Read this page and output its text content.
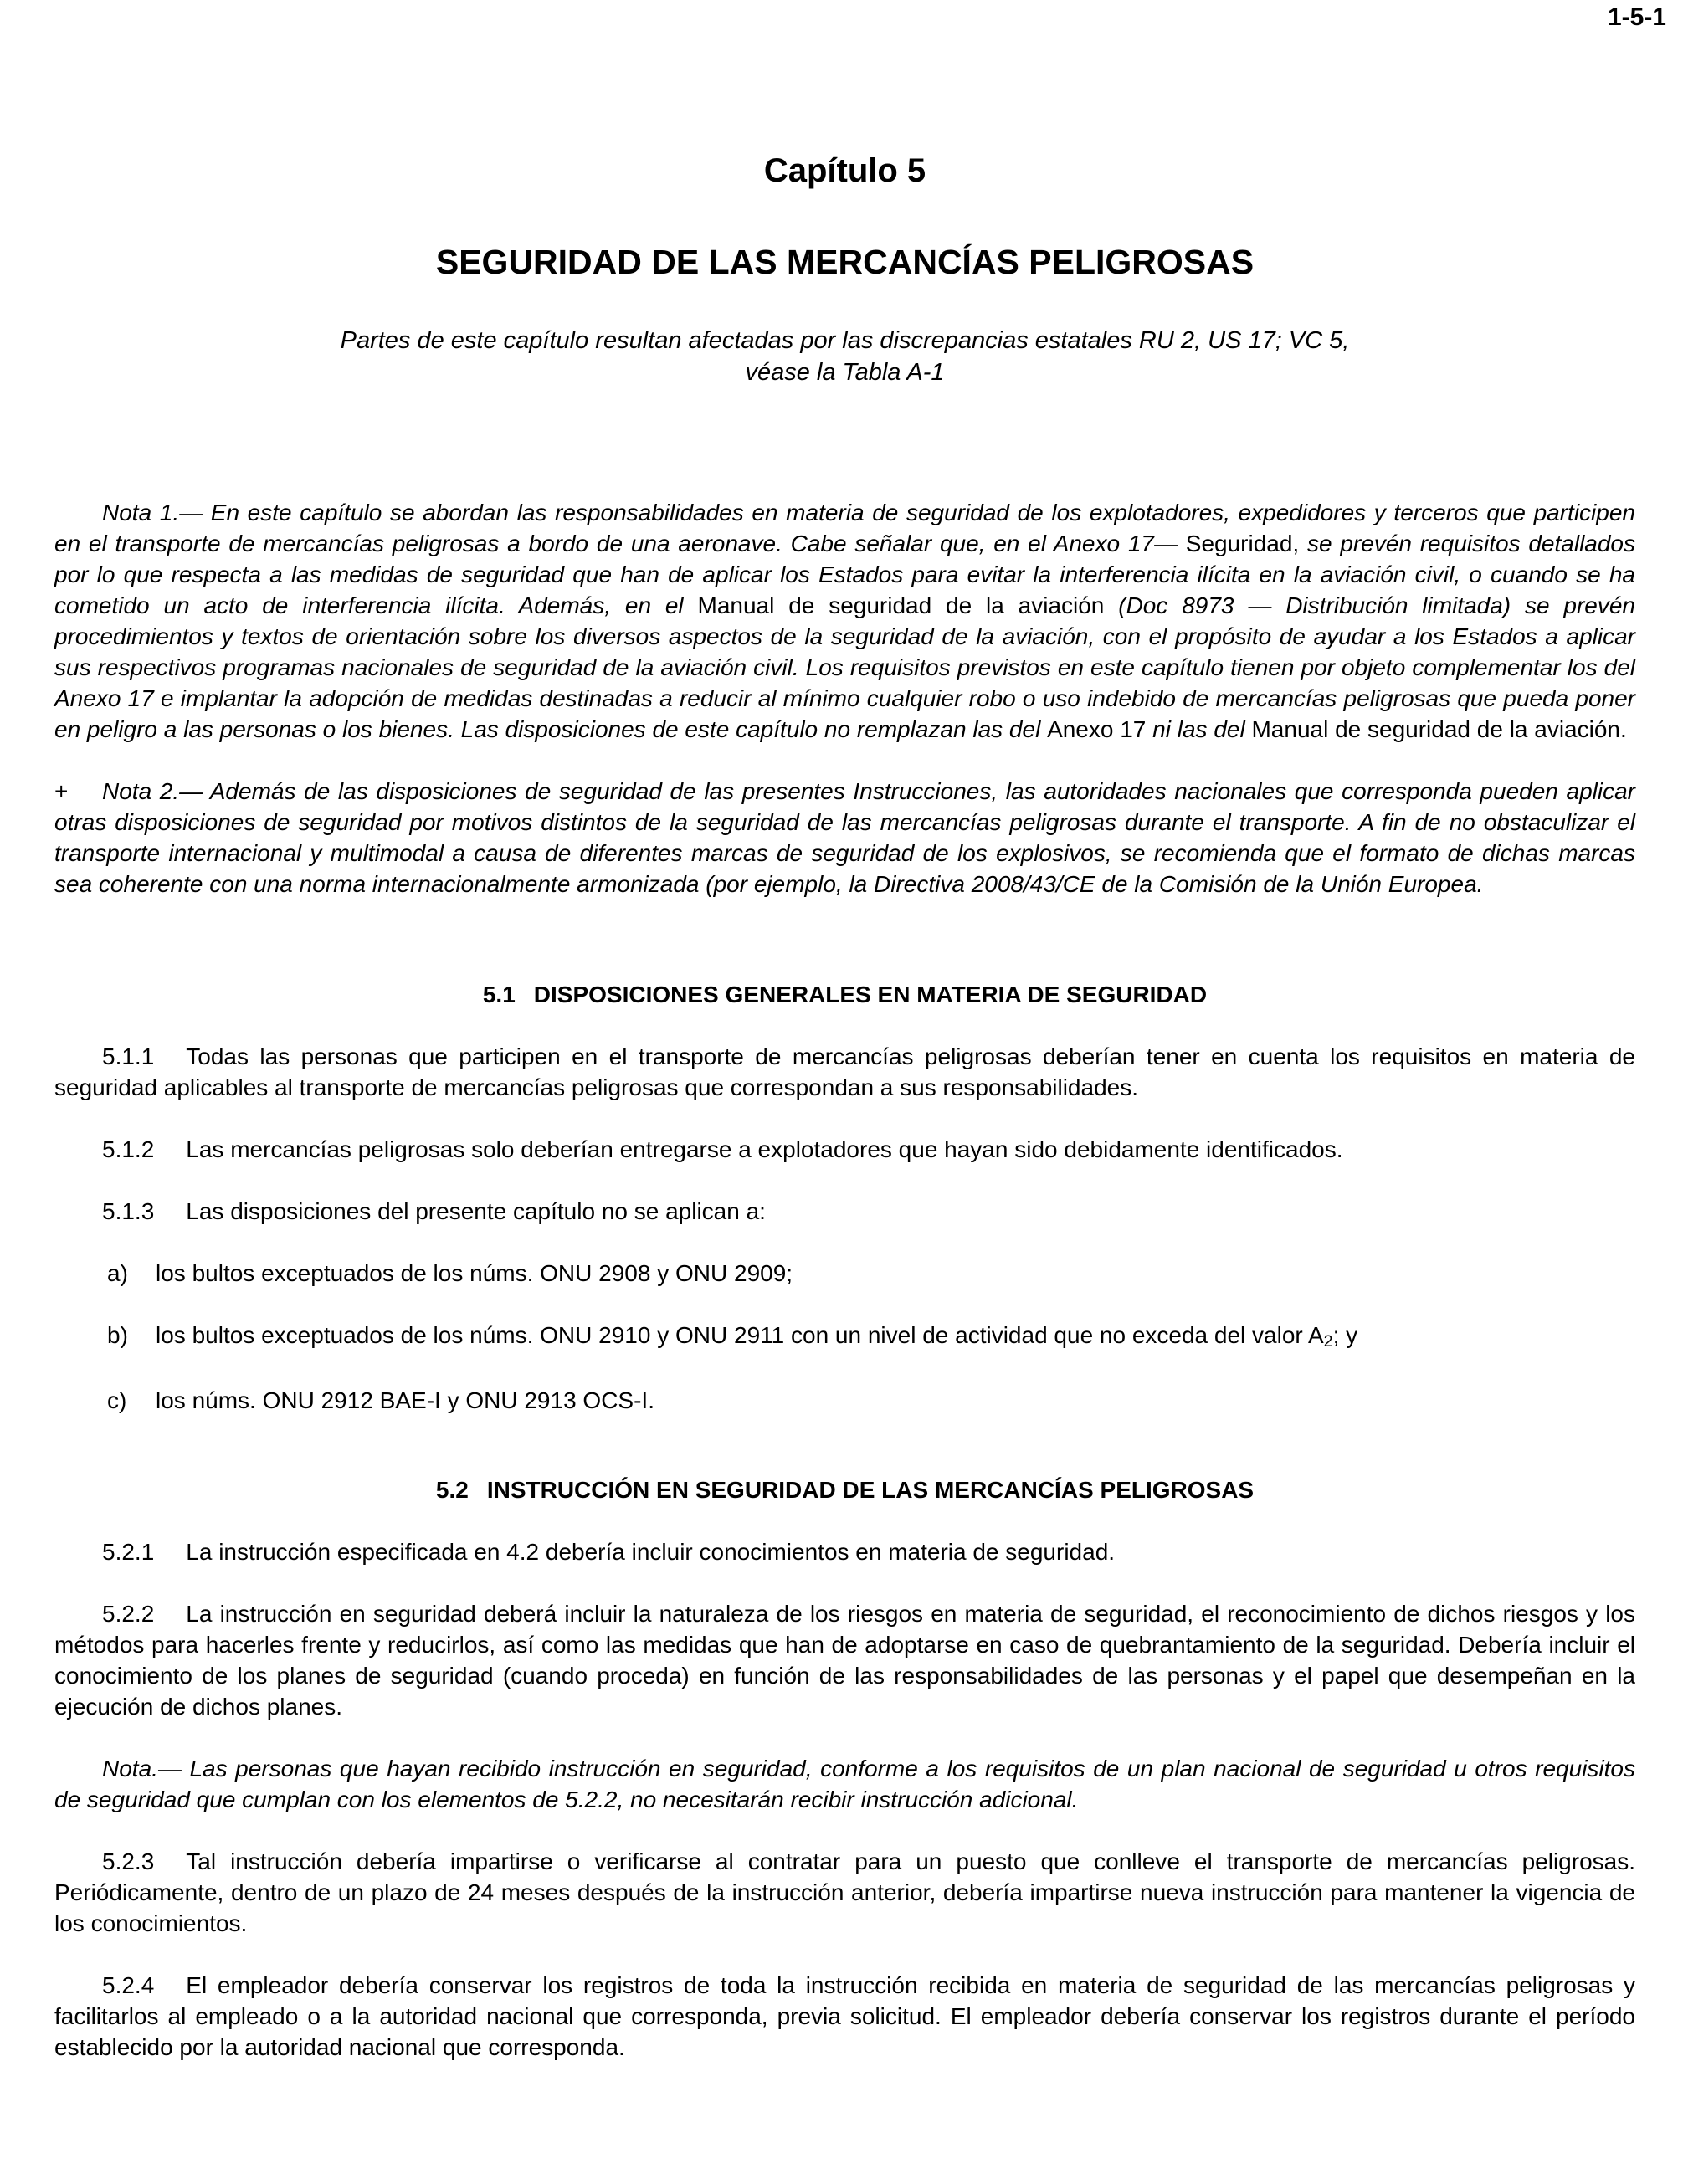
1-5-1
Capítulo 5
SEGURIDAD DE LAS MERCANCÍAS PELIGROSAS
Partes de este capítulo resultan afectadas por las discrepancias estatales RU 2, US 17; VC 5,
véase la Tabla A-1

Nota 1.— En este capítulo se abordan las responsabilidades en materia de seguridad de los explotadores, expedidores y terceros que participen en el transporte de mercancías peligrosas a bordo de una aeronave. Cabe señalar que, en el Anexo 17— Seguridad, se prevén requisitos detallados por lo que respecta a las medidas de seguridad que han de aplicar los Estados para evitar la interferencia ilícita en la aviación civil, o cuando se ha cometido un acto de interferencia ilícita. Además, en el Manual de seguridad de la aviación (Doc 8973 — Distribución limitada) se prevén procedimientos y textos de orientación sobre los diversos aspectos de la seguridad de la aviación, con el propósito de ayudar a los Estados a aplicar sus respectivos programas nacionales de seguridad de la aviación civil. Los requisitos previstos en este capítulo tienen por objeto complementar los del Anexo 17 e implantar la adopción de medidas destinadas a reducir al mínimo cualquier robo o uso indebido de mercancías peligrosas que pueda poner en peligro a las personas o los bienes. Las disposiciones de este capítulo no remplazan las del Anexo 17 ni las del Manual de seguridad de la aviación.

+ Nota 2.— Además de las disposiciones de seguridad de las presentes Instrucciones, las autoridades nacionales que corresponda pueden aplicar otras disposiciones de seguridad por motivos distintos de la seguridad de las mercancías peligrosas durante el transporte. A fin de no obstaculizar el transporte internacional y multimodal a causa de diferentes marcas de seguridad de los explosivos, se recomienda que el formato de dichas marcas sea coherente con una norma internacionalmente armonizada (por ejemplo, la Directiva 2008/43/CE de la Comisión de la Unión Europea.

5.1 DISPOSICIONES GENERALES EN MATERIA DE SEGURIDAD

5.1.1 Todas las personas que participen en el transporte de mercancías peligrosas deberían tener en cuenta los requisitos en materia de seguridad aplicables al transporte de mercancías peligrosas que correspondan a sus responsabilidades.

5.1.2 Las mercancías peligrosas solo deberían entregarse a explotadores que hayan sido debidamente identificados.

5.1.3 Las disposiciones del presente capítulo no se aplican a:

a) los bultos exceptuados de los núms. ONU 2908 y ONU 2909;
b) los bultos exceptuados de los núms. ONU 2910 y ONU 2911 con un nivel de actividad que no exceda del valor A2; y
c) los núms. ONU 2912 BAE-I y ONU 2913 OCS-I.
5.2 INSTRUCCIÓN EN SEGURIDAD DE LAS MERCANCÍAS PELIGROSAS

5.2.1 La instrucción especificada en 4.2 debería incluir conocimientos en materia de seguridad.

5.2.2 La instrucción en seguridad deberá incluir la naturaleza de los riesgos en materia de seguridad, el reconocimiento de dichos riesgos y los métodos para hacerles frente y reducirlos, así como las medidas que han de adoptarse en caso de quebrantamiento de la seguridad. Debería incluir el conocimiento de los planes de seguridad (cuando proceda) en función de las responsabilidades de las personas y el papel que desempeñan en la ejecución de dichos planes.

Nota.— Las personas que hayan recibido instrucción en seguridad, conforme a los requisitos de un plan nacional de seguridad u otros requisitos de seguridad que cumplan con los elementos de 5.2.2, no necesitarán recibir instrucción adicional.

5.2.3 Tal instrucción debería impartirse o verificarse al contratar para un puesto que conlleve el transporte de mercancías peligrosas. Periódicamente, dentro de un plazo de 24 meses después de la instrucción anterior, debería impartirse nueva instrucción para mantener la vigencia de los conocimientos.

5.2.4 El empleador debería conservar los registros de toda la instrucción recibida en materia de seguridad de las mercancías peligrosas y facilitarlos al empleado o a la autoridad nacional que corresponda, previa solicitud. El empleador debería conservar los registros durante el período establecido por la autoridad nacional que corresponda.
